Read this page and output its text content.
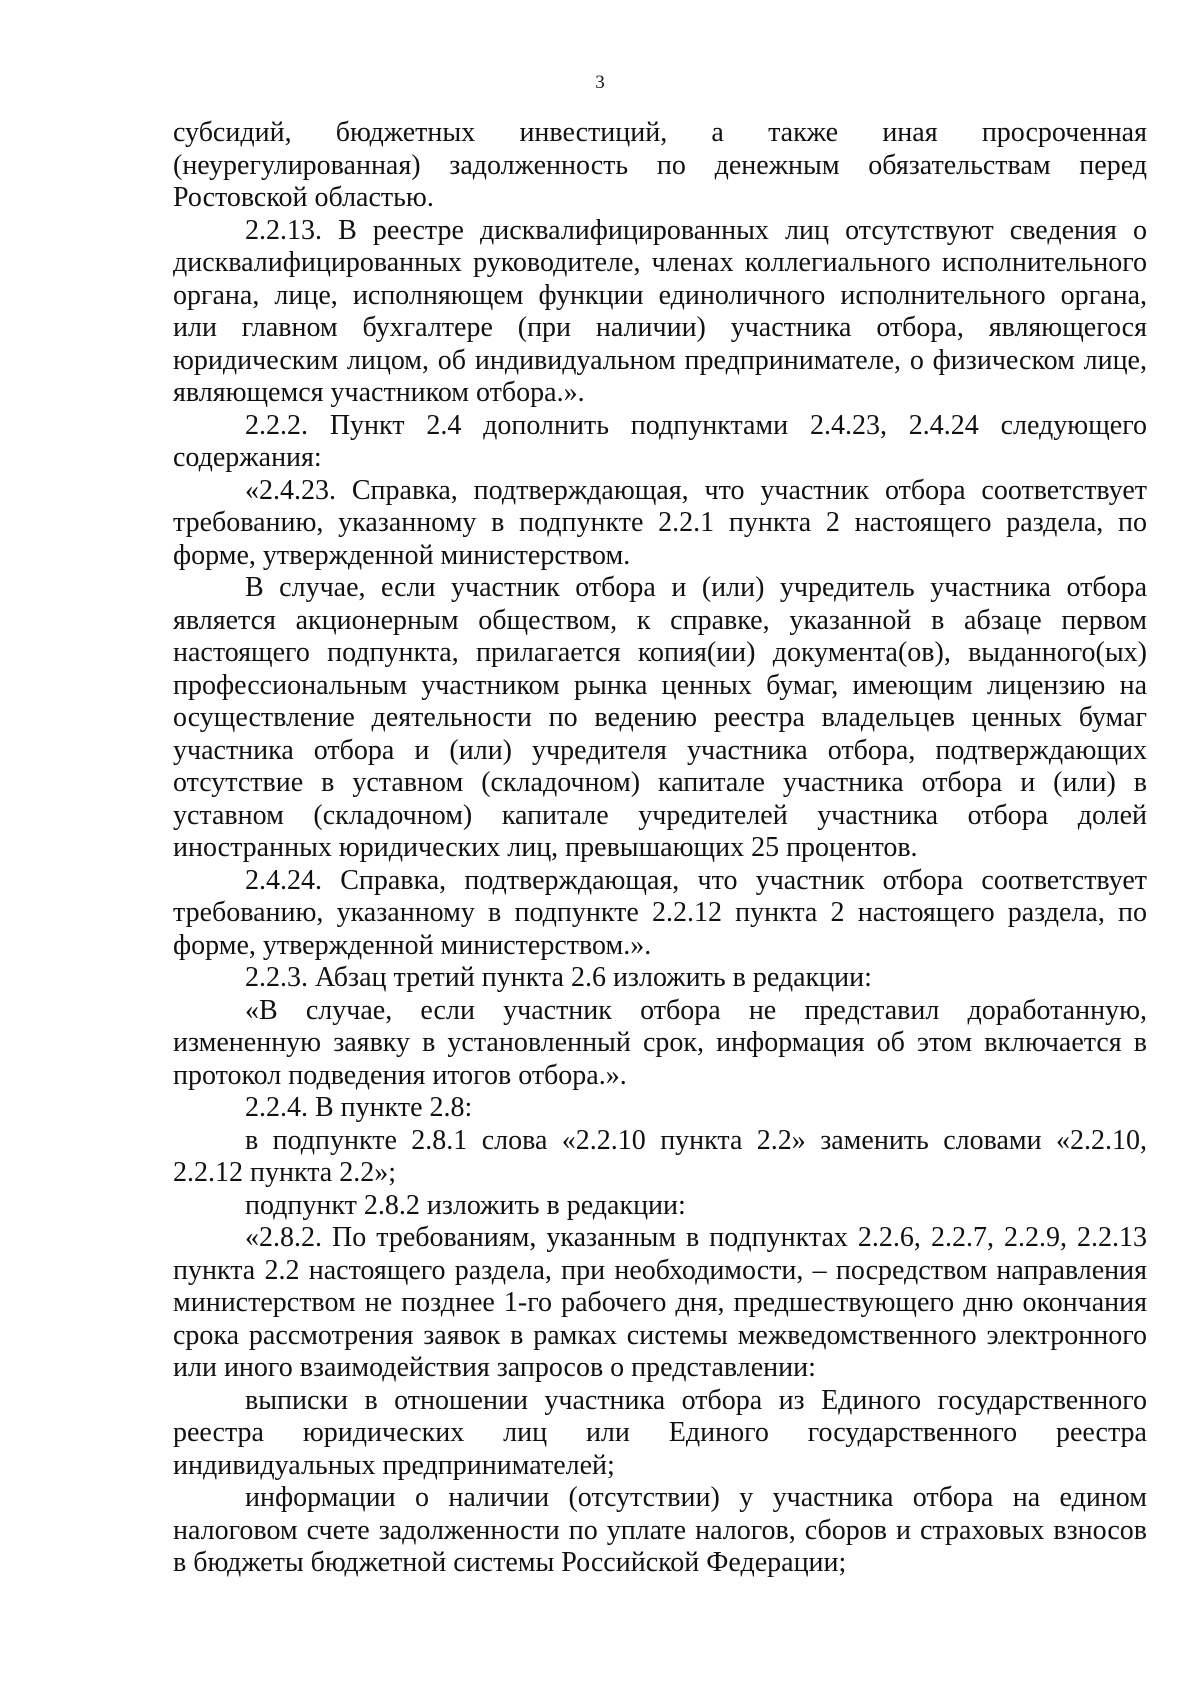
3

субсидий, бюджетных инвестиций, а также иная просроченная (неурегулированная) задолженность по денежным обязательствам перед Ростовской областью.

2.2.13. В реестре дисквалифицированных лиц отсутствуют сведения о дисквалифицированных руководителе, членах коллегиального исполнительного органа, лице, исполняющем функции единоличного исполнительного органа, или главном бухгалтере (при наличии) участника отбора, являющегося юридическим лицом, об индивидуальном предпринимателе, о физическом лице, являющемся участником отбора.».

2.2.2. Пункт 2.4 дополнить подпунктами 2.4.23, 2.4.24 следующего содержания:

«2.4.23. Справка, подтверждающая, что участник отбора соответствует требованию, указанному в подпункте 2.2.1 пункта 2 настоящего раздела, по форме, утвержденной министерством.

В случае, если участник отбора и (или) учредитель участника отбора является акционерным обществом, к справке, указанной в абзаце первом настоящего подпункта, прилагается копия(ии) документа(ов), выданного(ых) профессиональным участником рынка ценных бумаг, имеющим лицензию на осуществление деятельности по ведению реестра владельцев ценных бумаг участника отбора и (или) учредителя участника отбора, подтверждающих отсутствие в уставном (складочном) капитале участника отбора и (или) в уставном (складочном) капитале учредителей участника отбора долей иностранных юридических лиц, превышающих 25 процентов.

2.4.24. Справка, подтверждающая, что участник отбора соответствует требованию, указанному в подпункте 2.2.12 пункта 2 настоящего раздела, по форме, утвержденной министерством.».

2.2.3. Абзац третий пункта 2.6 изложить в редакции:

«В случае, если участник отбора не представил доработанную, измененную заявку в установленный срок, информация об этом включается в протокол подведения итогов отбора.».

2.2.4. В пункте 2.8:

в подпункте 2.8.1 слова «2.2.10 пункта 2.2» заменить словами «2.2.10, 2.2.12 пункта 2.2»;

подпункт 2.8.2 изложить в редакции:

«2.8.2. По требованиям, указанным в подпунктах 2.2.6, 2.2.7, 2.2.9, 2.2.13 пункта 2.2 настоящего раздела, при необходимости, – посредством направления министерством не позднее 1-го рабочего дня, предшествующего дню окончания срока рассмотрения заявок в рамках системы межведомственного электронного или иного взаимодействия запросов о представлении:

выписки в отношении участника отбора из Единого государственного реестра юридических лиц или Единого государственного реестра индивидуальных предпринимателей;

информации о наличии (отсутствии) у участника отбора на едином налоговом счете задолженности по уплате налогов, сборов и страховых взносов в бюджеты бюджетной системы Российской Федерации;
